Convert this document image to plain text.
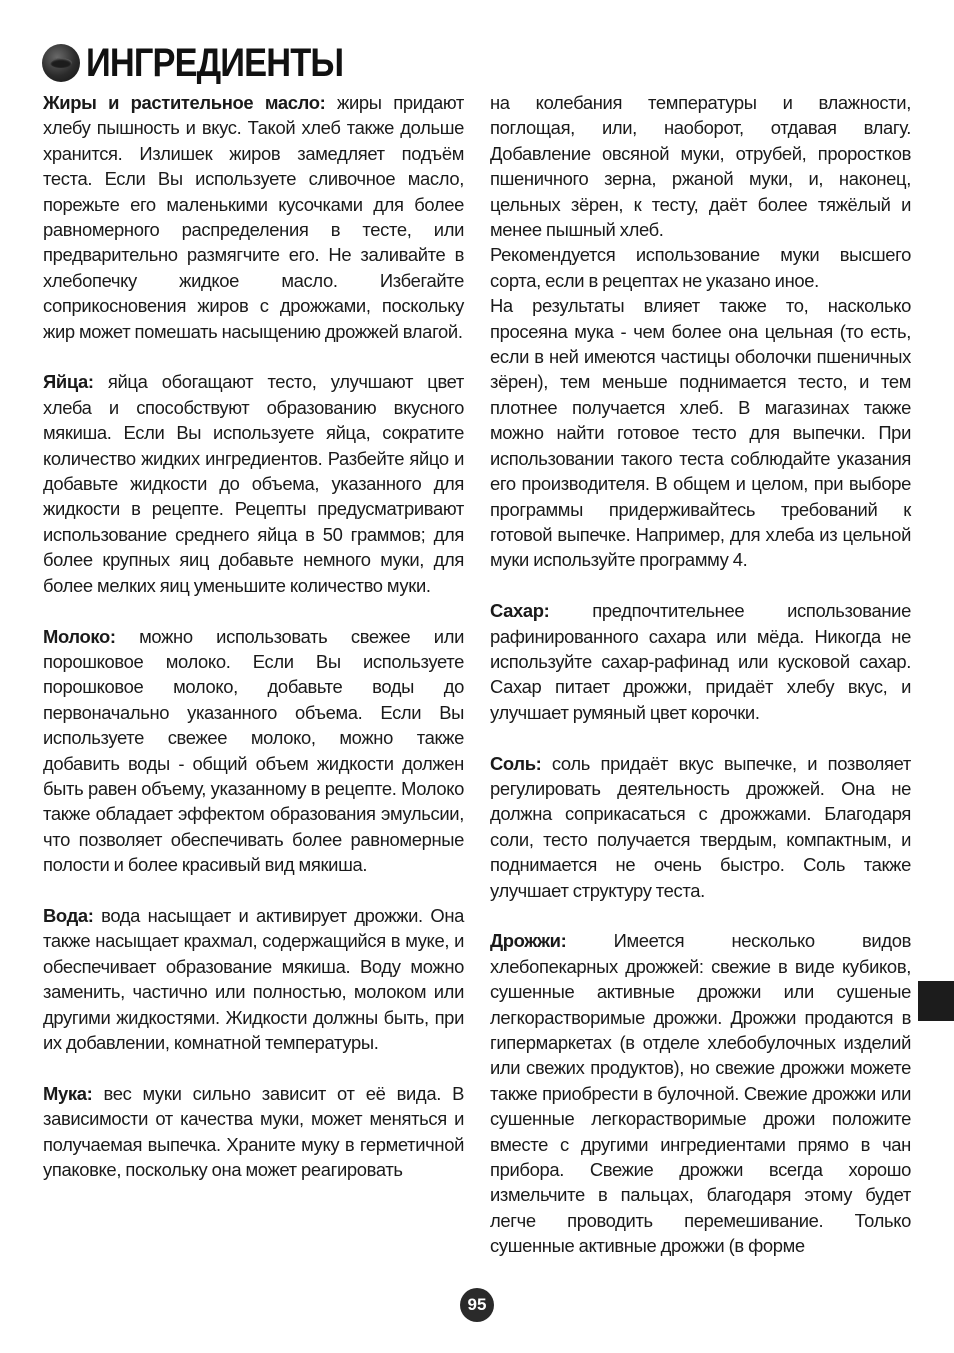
ИНГРЕДИЕНТЫ

Жиры и растительное масло: жиры придают хлебу пышность и вкус. Такой хлеб также дольше хранится. Излишек жиров замедляет подъём теста. Если Вы используете сливочное масло, порежьте его маленькими кусочками для более равномерного распределения в тесте, или предварительно размягчите его. Не заливайте в хлебопечку жидкое масло. Избегайте соприкосновения жиров с дрожжами, поскольку жир может помешать насыщению дрожжей влагой.

Яйца: яйца обогащают тесто, улучшают цвет хлеба и способствуют образованию вкусного мякиша. Если Вы используете яйца, сократите количество жидких ингредиентов. Разбейте яйцо и добавьте жидкости до объема, указанного для жидкости в рецепте. Рецепты предусматривают использование среднего яйца в 50 граммов; для более крупных яиц добавьте немного муки, для более мелких яиц уменьшите количество муки.

Молоко: можно использовать свежее или порошковое молоко. Если Вы используете порошковое молоко, добавьте воды до первоначально указанного объема. Если Вы используете свежее молоко, можно также добавить воды - общий объем жидкости должен быть равен объему, указанному в рецепте. Молоко также обладает эффектом образования эмульсии, что позволяет обеспечивать более равномерные полости и более красивый вид мякиша.

Вода: вода насыщает и активирует дрожжи. Она также насыщает крахмал, содержащийся в муке, и обеспечивает образование мякиша. Воду можно заменить, частично или полностью, молоком или другими жидкостями. Жидкости должны быть, при их добавлении, комнатной температуры.

Мука: вес муки сильно зависит от её вида. В зависимости от качества муки, может меняться и получаемая выпечка. Храните муку в герметичной упаковке, поскольку она может реагировать

на колебания температуры и влажности, поглощая, или, наоборот, отдавая влагу. Добавление овсяной муки, отрубей, проростков пшеничного зерна, ржаной муки, и, наконец, цельных зёрен, к тесту, даёт более тяжёлый и менее пышный хлеб.

Рекомендуется использование муки высшего сорта, если в рецептах не указано иное.

На результаты влияет также то, насколько просеяна мука - чем более она цельная (то есть, если в ней имеются частицы оболочки пшеничных зёрен), тем меньше поднимается тесто, и тем плотнее получается хлеб. В магазинах также можно найти готовое тесто для выпечки. При использовании такого теста соблюдайте указания его производителя. В общем и целом, при выборе программы придерживайтесь требований к готовой выпечке. Например, для хлеба из цельной муки используйте программу 4.

Сахар: предпочтительнее использование рафинированного сахара или мёда. Никогда не используйте сахар-рафинад или кусковой сахар. Сахар питает дрожжи, придаёт хлебу вкус, и улучшает румяный цвет корочки.

Соль: соль придаёт вкус выпечке, и позволяет регулировать деятельность дрожжей. Она не должна соприкасаться с дрожжами. Благодаря соли, тесто получается твердым, компактным, и поднимается не очень быстро. Соль также улучшает структуру теста.

Дрожжи: Имеется несколько видов хлебопекарных дрожжей: свежие в виде кубиков, сушенные активные дрожжи или сушеные легкорастворимые дрожжи. Дрожжи продаются в гипермаркетах (в отделе хлебобулочных изделий или свежих продуктов), но свежие дрожжи можете также приобрести в булочной. Свежие дрожжи или сушенные легкорастворимые дрожи положите вместе с другими ингредиентами прямо в чан прибора. Свежие дрожжи всегда хорошо измельчите в пальцах, благодаря этому будет легче проводить перемешивание. Только сушенные активные дрожжи (в форме

95
